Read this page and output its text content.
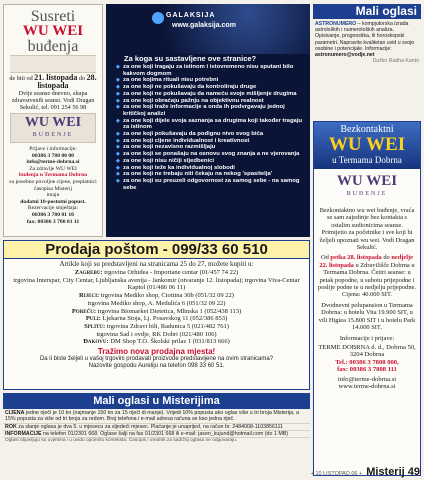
Susreti
WU WEI
buđenja
de biti od 21. listopada do 28. listopada
Dvije seanse dnevno, skupa zdravstvenih seansi. Vodi Dragan Sekulić, tel. 091 254 56 98
WU WEI
BUĐENJE
Prijave i informacije:
00386 3 780 80 00
info@terme-dobrna.si
Za zdravlje WU WEI
buđenja u Termama Dobrna
su posebno povoljne cijene, preplatnici časopisa Misterij
imaju
dodatni 10-postotni popust.
Rezervacije smještaja:
00386 3 780 81 10
fax: 00386 3 780 81 11
GALAKSIJA
www.galaksija.com
Za koga su sastavljene ove stranice?
◆ za one koji tragaju za istinom i istovremeno nisu sputani bilo kakvom dogmom
◆ za one kojima rituali nisu potrebni
◆ za one koji ne pokušavaju da kontroliraju druge
◆ za one koji ne pokušavaju da nameću svoje mišljenje drugima
◆ za one koji obraćaju pažnju na objektivnu realnost
◆ za one koji traže informacije a onda ih podvrgavaju jednoj kritičkoj analizi
◆ za one koji dijele svoja saznanja sa drugima koji također tragaju za istinom
◆ za one koji pokušavaju da podignu nivo svog bića
◆ za one koji cijene individualnost i kreativnost
◆ za one koji nezavisno razmišljaju
◆ za one koji se ponašaju na osnovu svog znanja a ne vjerovanja
◆ za one koji nisu ničiji sljedbenici
◆ za one koji teže ka individualnoj slobodi
◆ za one koji ne trebaju niti čekaju na nekog 'spasitelja'
◆ za one koji su preuzeli odgovornost za samog sebe - na samog sebe
Mali oglasi
ASTRONUMERO – kompjutorska izrada astroloških i numeroloških analiza. Opisivanje, prognostika, ili horoskopski parametri. Napravite kvalitetan uvid u svoje osobine i potencijale. Informacije:
astronumero@vodje.net
Duško Radha Kanto
Bezkontaktni
WU WEI
u Termama Dobrna
WU WEI
BUĐENJE
Bezkontaktno wu wei buđenje, vraća se sam zajedinje bez kontakta s ostalim sudionicima seanse. Primijetio za početnike i sve koji bi željeli upoznati wu wei. Vodi Dragan Sekulić.
Od petka 28. listopada do nedjelje 22. listopada u Zdravilišče Dobrna u Termama Dobrna. Četiri seanse: u petak popodne, u subotu prijepodne i poslije podne te u nedjelju prijepodne. Cijena: 40.000 SIT.
Dvodnevni polupansion u Termama Dobrna: u hotelu Vita 19.900 SIT, u vili Higiea 15.800 SIT i u hotelu Park 14.000 SIT.
Informacije i prijave:
TERME DOBRNA d. d., Dobrna 50, 3204 Dobrna
Tel.: 00386 3 7808 000,
fax: 00386 3 7808 111
info@terme-dobrna.si
www.terme-dobrna.si
Prodaja poštom - 099/33 60 510
Artikle koji su predstavljeni na stranicama 25 do 27, možete kupiti u:
Zagrebu: trgovina Orhidea - Importane centar (01/457 74 22)
trgovina Interspar, City Centar, Ljubljanska avenija - Jankomir (otvaranje 12. listopada); trgovina Viva-Centar Kaptol (01/486 06 11)
Rijeci: trgovina Mediko shop, Ciottina 30b (051/32 09 22)
trgovina Mediko shop, A. Medulića 6 (051/32 09 22)
Poreču: trgovina Biomarket Dietetica, Mlinska 1 (052/438 113)
Puli: Ljekarna Stoja, Lj. Posavskog 11 (052/386 853)
Splitu: trgovina Zdravi bili, Radunica 5 (021/482 761)
trgovina Sad i ovdje, RK Dobri (021/480 106)
Đakovu: DM Shop T.O. Školski prilaz 1 (031/813 666)
Tražimo nova prodajna mjesta!
Da li biste željeli u vašoj trgovini prodavati proizvode predstavljene na ovim stranicama?
Nazovite gospodu Aureliju na telefon 098 33 60 51.
Mali oglasi u Misterijima
CIJENA jedne riječi je 10 kn (najmanje 150 kn za 15 riječi di manje). Vrijedi 10% popusta ako oglas više u tri broja Misterija, a 15% popusta za više od tri broja za redom. Broj telefona i e-mail adresa računa se kao jedna riječ.
ROK za slanje oglasa je dva 5. u mjesecu za sljedeći mjesec. Plaćanje je unaprijed, na račun br. 2484008-1103856111
INFORMACIJE na telefon 01/2301 668. Oglase šalji na fax 01/2301 668 ili e-mail: jasen_kujund@hotmail.com (do 1 MB)
Oglasi objavljuju su uvjetima i u uvidu općenito konteksta. Časopis i urednik za sadržaj oglasa ne odgovaraju.
+ 10 LISTOPAD 06 + Misterij 49
